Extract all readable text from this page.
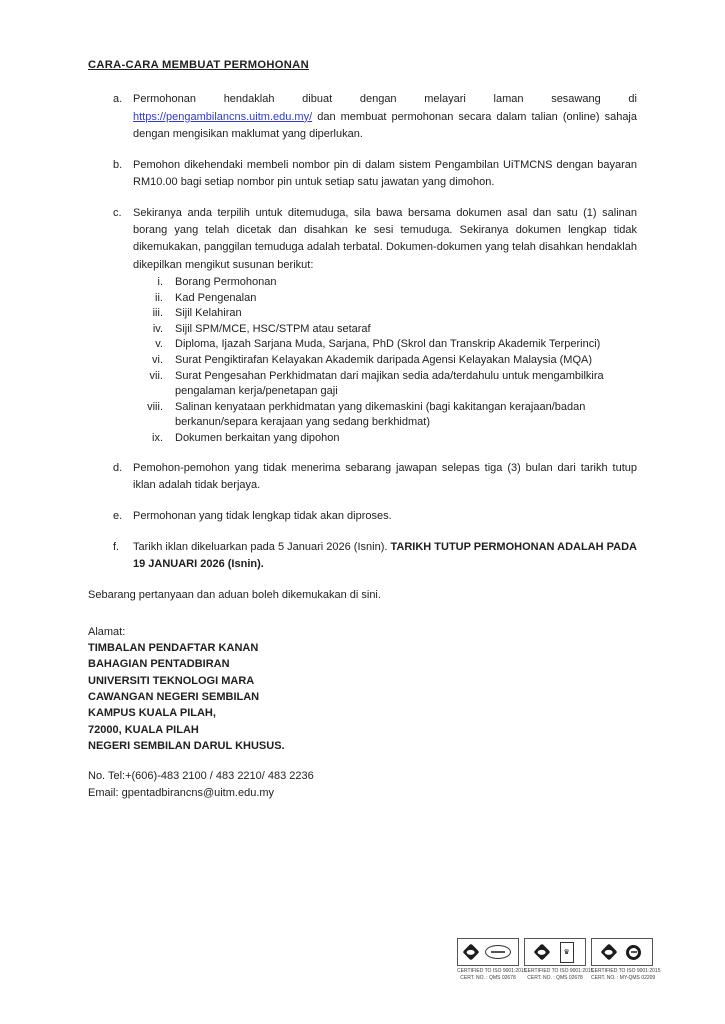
CARA-CARA MEMBUAT PERMOHONAN
a. Permohonan hendaklah dibuat dengan melayari laman sesawang di https://pengambilancns.uitm.edu.my/ dan membuat permohonan secara dalam talian (online) sahaja dengan mengisikan maklumat yang diperlukan.
b. Pemohon dikehendaki membeli nombor pin di dalam sistem Pengambilan UiTMCNS dengan bayaran RM10.00 bagi setiap nombor pin untuk setiap satu jawatan yang dimohon.
c.	Sekiranya anda terpilih untuk ditemuduga, sila bawa bersama dokumen asal dan satu (1) salinan borang yang telah dicetak dan disahkan ke sesi temuduga. Sekiranya dokumen lengkap tidak dikemukakan, panggilan temuduga adalah terbatal. Dokumen-dokumen yang telah disahkan hendaklah dikepilkan mengikut susunan berikut:
i.	Borang Permohonan
ii.	Kad Pengenalan
iii.	Sijil Kelahiran
iv.	Sijil SPM/MCE, HSC/STPM atau setaraf
v.	Diploma, Ijazah Sarjana Muda, Sarjana, PhD (Skrol dan Transkrip Akademik Terperinci)
vi.	Surat Pengiktirafan Kelayakan Akademik daripada Agensi Kelayakan Malaysia (MQA)
vii.	Surat Pengesahan Perkhidmatan dari majikan sedia ada/terdahulu untuk mengambilkira pengalaman kerja/penetapan gaji
viii.	Salinan kenyataan perkhidmatan yang dikemaskini (bagi kakitangan kerajaan/badan berkanun/separa kerajaan yang sedang berkhidmat)
ix.	Dokumen berkaitan yang dipohon
d. Pemohon-pemohon yang tidak menerima sebarang jawapan selepas tiga (3) bulan dari tarikh tutup iklan adalah tidak berjaya.
e. Permohonan yang tidak lengkap tidak akan diproses.
f.	Tarikh iklan dikeluarkan pada 5 Januari 2026 (Isnin). TARIKH TUTUP PERMOHONAN ADALAH PADA 19 JANUARI 2026 (Isnin).
Sebarang pertanyaan dan aduan boleh dikemukakan di sini.
Alamat:
TIMBALAN PENDAFTAR KANAN
BAHAGIAN PENTADBIRAN
UNIVERSITI TEKNOLOGI MARA
CAWANGAN NEGERI SEMBILAN
KAMPUS KUALA PILAH,
72000, KUALA PILAH
NEGERI SEMBILAN DARUL KHUSUS.
No. Tel:+(606)-483 2100 / 483 2210/ 483 2236
Email: gpentadbirancns@uitm.edu.my
CERTIFIED TO ISO 9001:2015
CERT. NO. : QMS 02678
♛
CERTIFIED TO ISO 9001:2015
CERT. NO. : QMS 02678
CERTIFIED TO ISO 9001:2015
CERT. NO. : MY-QMS 02209
